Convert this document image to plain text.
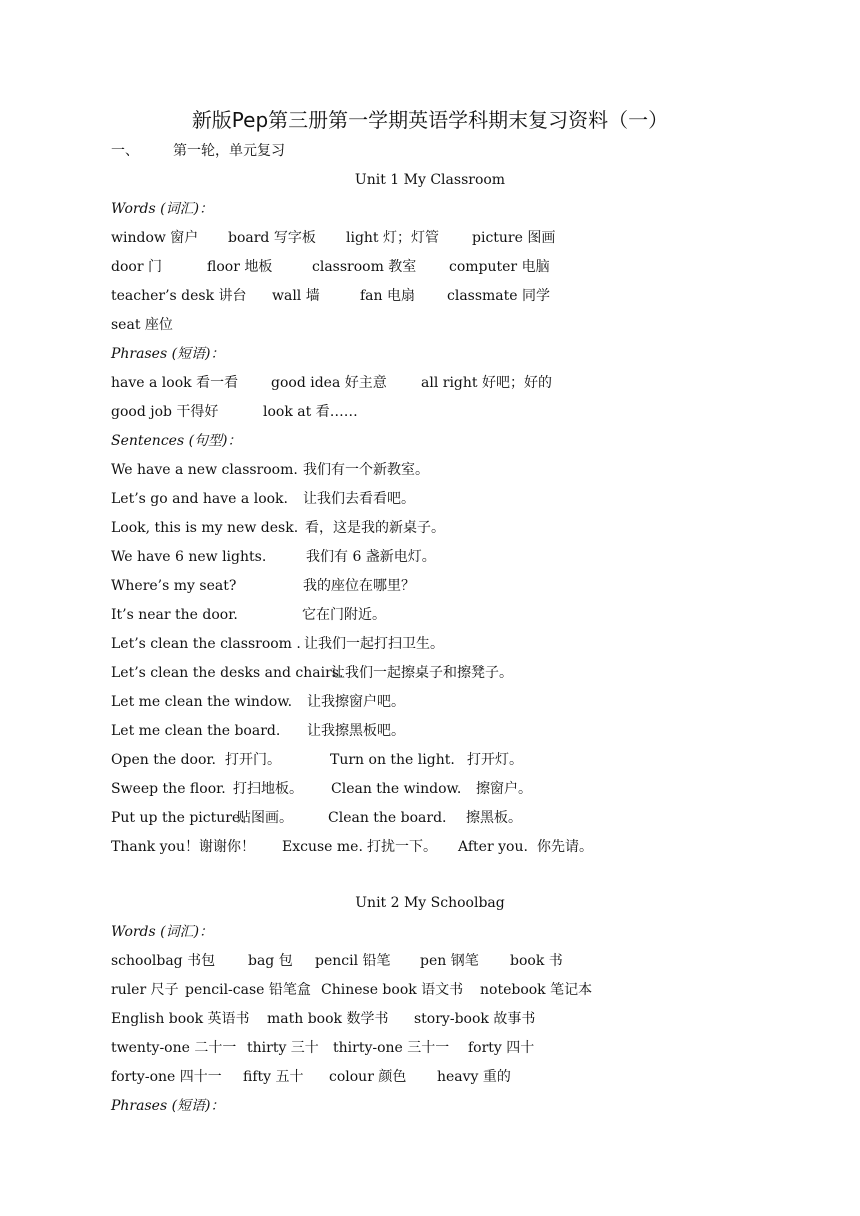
新版Pep第三册第一学期英语学科期末复习资料（一）
一、 第一轮，单元复习
Unit 1 My Classroom
Words (词汇)：
window 窗户 board 写字板 light 灯；灯管 picture 图画
door 门	floor 地板	classroom 教室 computer 电脑
teacher’s desk 讲台 wall 墙	fan 电扇 classmate 同学
seat 座位
Phrases (短语)：
have a look 看一看 good idea 好主意 all right 好吧；好的
good job 干得好	look at 看……
Sentences (句型)：
We have a new classroom. 我们有一个新教室。
Let’s go and have a look. 让我们去看看吧。
Look, this is my new desk. 看，这是我的新桌子。
We have 6 new lights.	我们有 6 盏新电灯。
Where’s my seat?	我的座位在哪里？
It’s near the door.	它在门附近。
Let’s clean the classroom . 让我们一起打扫卫生。
Let’s clean the desks and chairs.让我们一起擦桌子和擦凳子。
Let me clean the window. 让我擦窗户吧。
Let me clean the board. 让我擦黑板吧。
Open the door. 打开门。	Turn on the light. 打开灯。
Sweep the floor. 打扫地板。 Clean the window. 擦窗户。
Put up the picture.贴图画。	Clean the board. 擦黑板。
Thank you！谢谢你！ Excuse me. 打扰一下。 After you. 你先请。
Unit 2 My Schoolbag
Words (词汇)：
schoolbag 书包 bag 包 pencil 铅笔 pen 钢笔 book 书
ruler 尺子 pencil-case 铅笔盒 Chinese book 语文书 notebook 笔记本
English book 英语书 math book 数学书 story-book 故事书
twenty-one 二十一 thirty 三十 thirty-one 三十一 forty 四十
forty-one 四十一 fifty 五十 colour 颜色 heavy 重的
Phrases (短语)：
